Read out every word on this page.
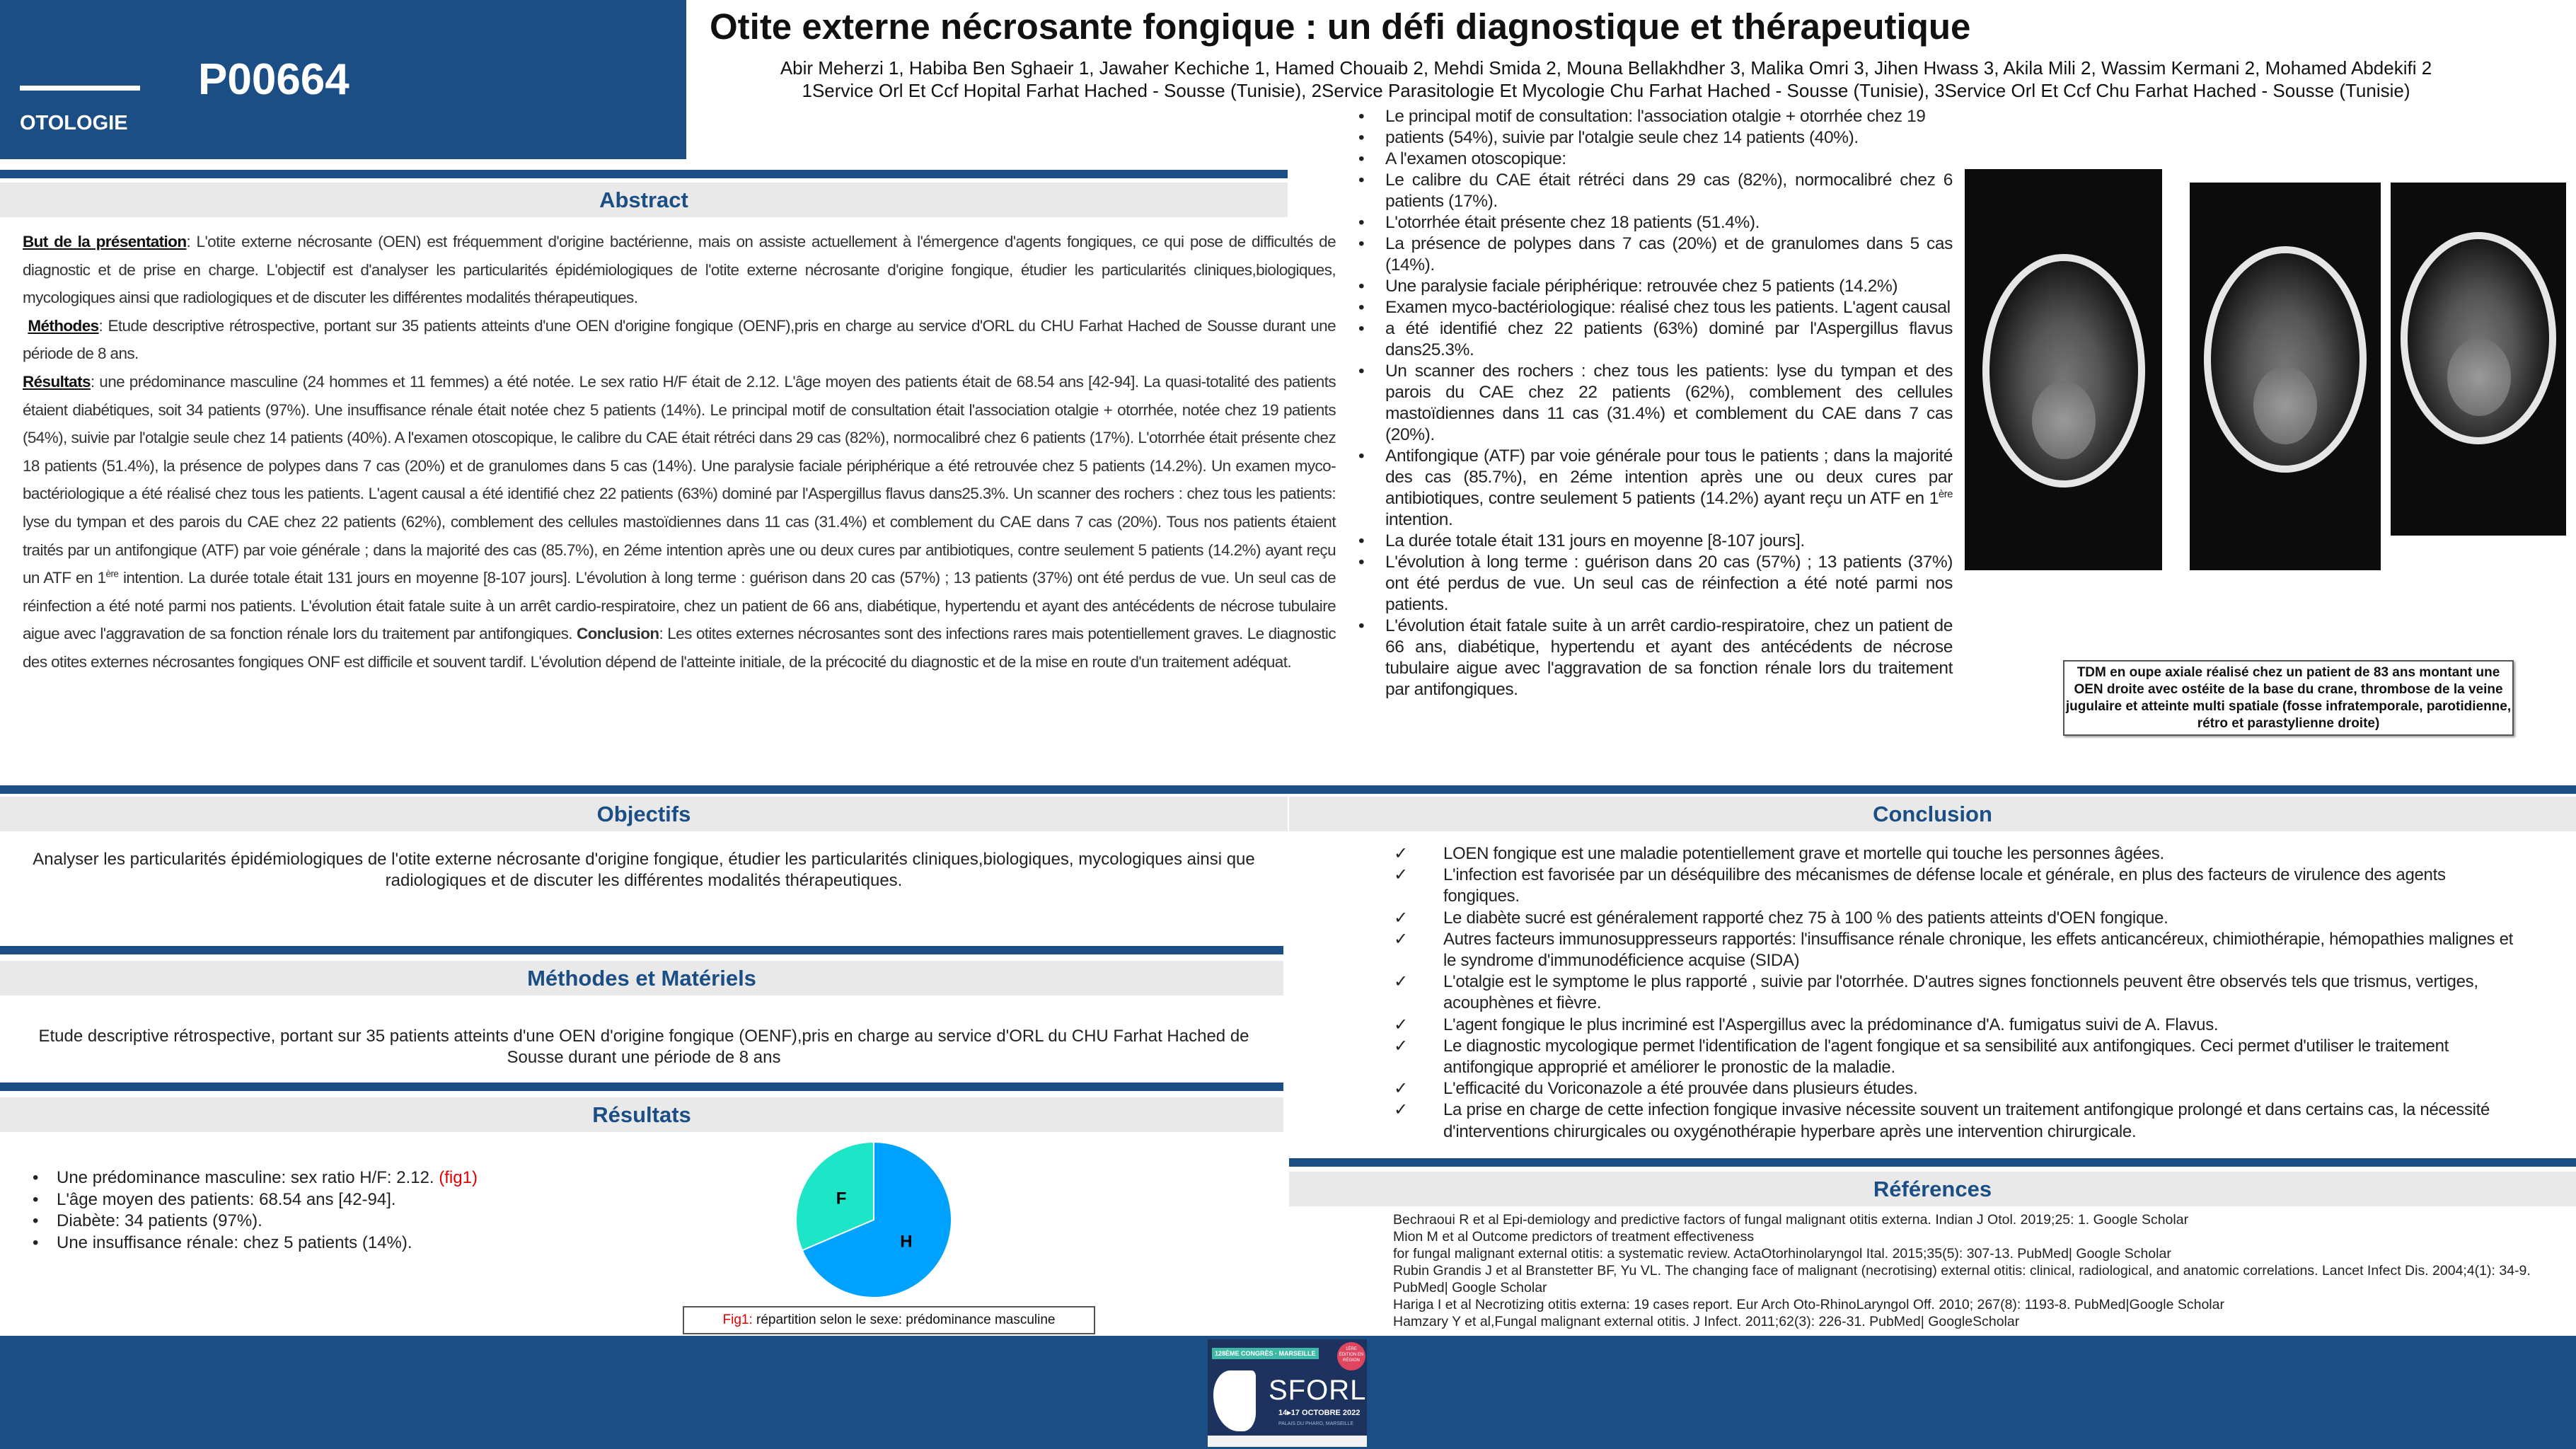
P00664
OTOLOGIE
Otite externe nécrosante fongique : un défi diagnostique et thérapeutique
Abir Meherzi 1, Habiba Ben Sghaeir 1, Jawaher Kechiche 1, Hamed Chouaib 2, Mehdi Smida 2, Mouna Bellakhdher 3, Malika Omri 3, Jihen Hwass 3, Akila Mili 2, Wassim Kermani 2, Mohamed Abdekifi 2
1Service Orl Et Ccf Hopital Farhat Hached - Sousse (Tunisie), 2Service Parasitologie Et Mycologie Chu Farhat Hached - Sousse (Tunisie), 3Service Orl Et Ccf Chu Farhat Hached - Sousse (Tunisie)
Abstract
But de la présentation: L'otite externe nécrosante (OEN) est fréquemment d'origine bactérienne, mais on assiste actuellement à l'émergence d'agents fongiques, ce qui pose de difficultés de diagnostic et de prise en charge. L'objectif est d'analyser les particularités épidémiologiques de l'otite externe nécrosante d'origine fongique, étudier les particularités cliniques,biologiques, mycologiques ainsi que radiologiques et de discuter les différentes modalités thérapeutiques.
Méthodes: Etude descriptive rétrospective, portant sur 35 patients atteints d'une OEN d'origine fongique (OENF),pris en charge au service d'ORL du CHU Farhat Hached de Sousse durant une période de 8 ans.
Résultats: une prédominance masculine (24 hommes et 11 femmes) a été notée. Le sex ratio H/F était de 2.12. L'âge moyen des patients était de 68.54 ans [42-94]. La quasi-totalité des patients étaient diabétiques, soit 34 patients (97%). Une insuffisance rénale était notée chez 5 patients (14%). Le principal motif de consultation était l'association otalgie + otorrhée, notée chez 19 patients (54%), suivie par l'otalgie seule chez 14 patients (40%). A l'examen otoscopique, le calibre du CAE était rétréci dans 29 cas (82%), normocalibré chez 6 patients (17%). L'otorrhée était présente chez 18 patients (51.4%), la présence de polypes dans 7 cas (20%) et de granulomes dans 5 cas (14%). Une paralysie faciale périphérique a été retrouvée chez 5 patients (14.2%). Un examen myco-bactériologique a été réalisé chez tous les patients. L'agent causal a été identifié chez 22 patients (63%) dominé par l'Aspergillus flavus dans25.3%. Un scanner des rochers : chez tous les patients: lyse du tympan et des parois du CAE chez 22 patients (62%), comblement des cellules mastoïdiennes dans 11 cas (31.4%) et comblement du CAE dans 7 cas (20%). Tous nos patients étaient traités par un antifongique (ATF) par voie générale ; dans la majorité des cas (85.7%), en 2éme intention après une ou deux cures par antibiotiques, contre seulement 5 patients (14.2%) ayant reçu un ATF en 1ère intention. La durée totale était 131 jours en moyenne [8-107 jours]. L'évolution à long terme : guérison dans 20 cas (57%) ; 13 patients (37%) ont été perdus de vue. Un seul cas de réinfection a été noté parmi nos patients. L'évolution était fatale suite à un arrêt cardio-respiratoire, chez un patient de 66 ans, diabétique, hypertendu et ayant des antécédents de nécrose tubulaire aigue avec l'aggravation de sa fonction rénale lors du traitement par antifongiques. Conclusion: Les otites externes nécrosantes sont des infections rares mais potentiellement graves. Le diagnostic des otites externes nécrosantes fongiques ONF est difficile et souvent tardif. L'évolution dépend de l'atteinte initiale, de la précocité du diagnostic et de la mise en route d'un traitement adéquat.
• Le principal motif de consultation: l'association otalgie + otorrhée chez 19
• patients (54%), suivie par l'otalgie seule chez 14 patients (40%).
• A l'examen otoscopique:
• Le calibre du CAE était rétréci dans 29 cas (82%), normocalibré chez 6 patients (17%).
• L'otorrhée était présente chez 18 patients (51.4%).
• La présence de polypes dans 7 cas (20%) et de granulomes dans 5 cas (14%).
• Une paralysie faciale périphérique: retrouvée chez 5 patients (14.2%)
• Examen myco-bactériologique: réalisé chez tous les patients. L'agent causal
• a été identifié chez 22 patients (63%) dominé par l'Aspergillus flavus dans25.3%.
• Un scanner des rochers : chez tous les patients: lyse du tympan et des parois du CAE chez 22 patients (62%), comblement des cellules mastoïdiennes dans 11 cas (31.4%) et comblement du CAE dans 7 cas (20%).
• Antifongique (ATF) par voie générale pour tous le patients ; dans la majorité des cas (85.7%), en 2éme intention après une ou deux cures par antibiotiques, contre seulement 5 patients (14.2%) ayant reçu un ATF en 1ère intention.
• La durée totale était 131 jours en moyenne [8-107 jours].
• L'évolution à long terme : guérison dans 20 cas (57%) ; 13 patients (37%) ont été perdus de vue. Un seul cas de réinfection a été noté parmi nos patients.
• L'évolution était fatale suite à un arrêt cardio-respiratoire, chez un patient de 66 ans, diabétique, hypertendu et ayant des antécédents de nécrose tubulaire aigue avec l'aggravation de sa fonction rénale lors du traitement par antifongiques.
TDM en oupe axiale réalisé chez un patient de 83 ans montant une OEN droite avec ostéite de la base du crane, thrombose de la veine jugulaire et atteinte multi spatiale (fosse infratemporale, parotidienne, rétro et parastylienne droite)
Objectifs
Analyser les particularités épidémiologiques de l'otite externe nécrosante d'origine fongique, étudier les particularités cliniques,biologiques, mycologiques ainsi que radiologiques et de discuter les différentes modalités thérapeutiques.
Méthodes et Matériels
Etude descriptive rétrospective, portant sur 35 patients atteints d'une OEN d'origine fongique (OENF),pris en charge au service d'ORL du CHU Farhat Hached de Sousse durant une période de 8 ans
Résultats
• Une prédominance masculine: sex ratio H/F: 2.12. (fig1)
• L'âge moyen des patients: 68.54 ans [42-94].
• Diabète: 34 patients (97%).
• Une insuffisance rénale: chez 5 patients (14%).	H
F
Fig1: répartition selon le sexe: prédominance masculine
Conclusion
✓ LOEN fongique est une maladie potentiellement grave et mortelle qui touche les personnes âgées.
✓ L'infection est favorisée par un déséquilibre des mécanismes de défense locale et générale, en plus des facteurs de virulence des agents fongiques.
✓ Le diabète sucré est généralement rapporté chez 75 à 100 % des patients atteints d'OEN fongique.
✓ Autres facteurs immunosuppresseurs rapportés: l'insuffisance rénale chronique, les effets anticancéreux, chimiothérapie, hémopathies malignes et le syndrome d'immunodéficience acquise (SIDA)
✓ L'otalgie est le symptome le plus rapporté , suivie par l'otorrhée. D'autres signes fonctionnels peuvent être observés tels que trismus, vertiges, acouphènes et fièvre.
✓ L'agent fongique le plus incriminé est l'Aspergillus avec la prédominance d'A. fumigatus suivi de A. Flavus.
✓ Le diagnostic mycologique permet l'identification de l'agent fongique et sa sensibilité aux antifongiques. Ceci permet d'utiliser le traitement antifongique approprié et améliorer le pronostic de la maladie.
✓ L'efficacité du Voriconazole a été prouvée dans plusieurs études.
✓ La prise en charge de cette infection fongique invasive nécessite souvent un traitement antifongique prolongé et dans certains cas, la nécessité d'interventions chirurgicales ou oxygénothérapie hyperbare après une intervention chirurgicale.
Références
Bechraoui R et al Epi-demiology and predictive factors of fungal malignant otitis externa. Indian J Otol. 2019;25: 1. Google Scholar
Mion M et al Outcome predictors of treatment effectiveness
for fungal malignant external otitis: a systematic review. ActaOtorhinolaryngol Ital. 2015;35(5): 307-13. PubMed| Google Scholar
Rubin Grandis J et al Branstetter BF, Yu VL. The changing face of malignant (necrotising) external otitis: clinical, radiological, and anatomic correlations. Lancet Infect Dis. 2004;4(1): 34-9.
PubMed| Google Scholar
Hariga I et al Necrotizing otitis externa: 19 cases report. Eur Arch Oto-RhinoLaryngol Off. 2010; 267(8): 1193-8. PubMed|Google Scholar
Hamzary Y et al,Fungal malignant external otitis. J Infect. 2011;62(3): 226-31. PubMed| GoogleScholar
128ÈME CONGRÈS · MARSEILLE
1ÈRE ÉDITION EN RÉGION
SFORL
14▸17 OCTOBRE 2022
PALAIS DU PHARO, MARSEILLE
